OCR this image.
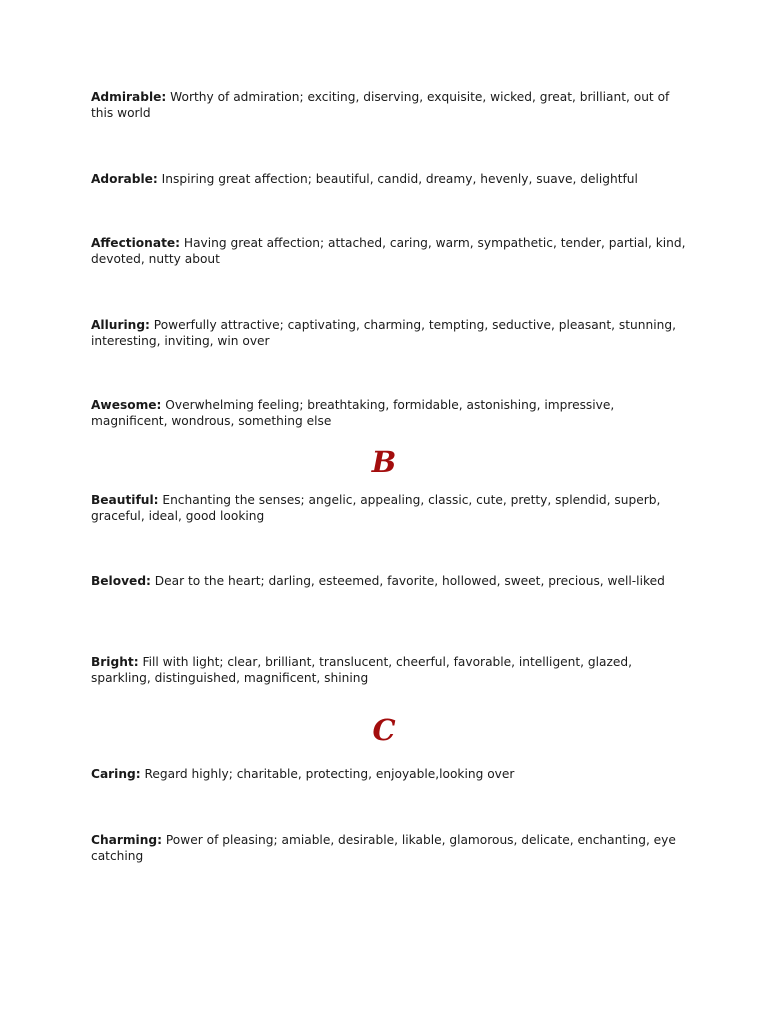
Admirable: Worthy of admiration; exciting, diserving, exquisite, wicked, great, brilliant, out of this world
Adorable: Inspiring great affection; beautiful, candid, dreamy, hevenly, suave, delightful
Affectionate: Having great affection; attached, caring, warm, sympathetic, tender, partial, kind, devoted, nutty about
Alluring: Powerfully attractive; captivating, charming, tempting, seductive, pleasant, stunning, interesting, inviting, win over
Awesome: Overwhelming feeling; breathtaking, formidable, astonishing, impressive, magnificent, wondrous, something else
B
Beautiful: Enchanting the senses; angelic, appealing, classic, cute, pretty, splendid, superb, graceful, ideal, good looking
Beloved: Dear to the heart; darling, esteemed, favorite, hollowed, sweet, precious, well-liked
Bright: Fill with light; clear, brilliant, translucent, cheerful, favorable, intelligent, glazed, sparkling, distinguished, magnificent, shining
C
Caring: Regard highly; charitable, protecting, enjoyable,looking over
Charming: Power of pleasing; amiable, desirable, likable, glamorous, delicate, enchanting, eye catching
